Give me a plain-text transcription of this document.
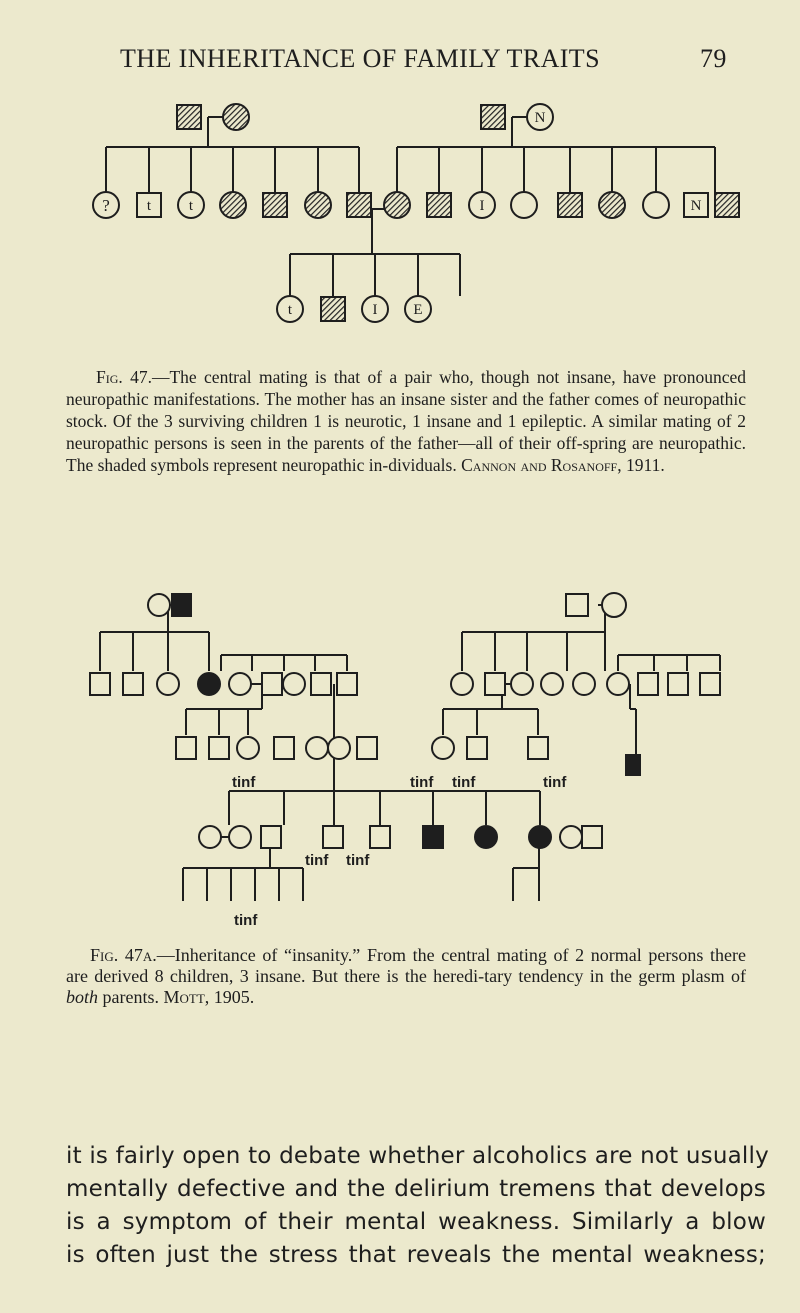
THE INHERITANCE OF FAMILY TRAITS	79
N
? t	t	I	N
t	I E
Fig. 47.—The central mating is that of a pair who, though not insane, have pronounced neuropathic manifestations. The mother has an insane sister and the father comes of neuropathic stock. Of the 3 surviving children 1 is neurotic, 1 insane and 1 epileptic. A similar mating of 2 neuropathic persons is seen in the parents of the father—all of their off-spring are neuropathic. The shaded symbols represent neuropathic in-dividuals. Cannon and Rosanoff, 1911.
tinf	tinf tinf	tinf
tinf tinf
tinf
Fig. 47a.—Inheritance of “insanity.” From the central mating of 2 normal persons there are derived 8 children, 3 insane. But there is the heredi-tary tendency in the germ plasm of both parents. Mott, 1905.
it is fairly open to debate whether alcoholics are not usually
mentally defective and the delirium tremens that develops
is a symptom of their mental weakness. Similarly a blow
is often just the stress that reveals the mental weakness;
